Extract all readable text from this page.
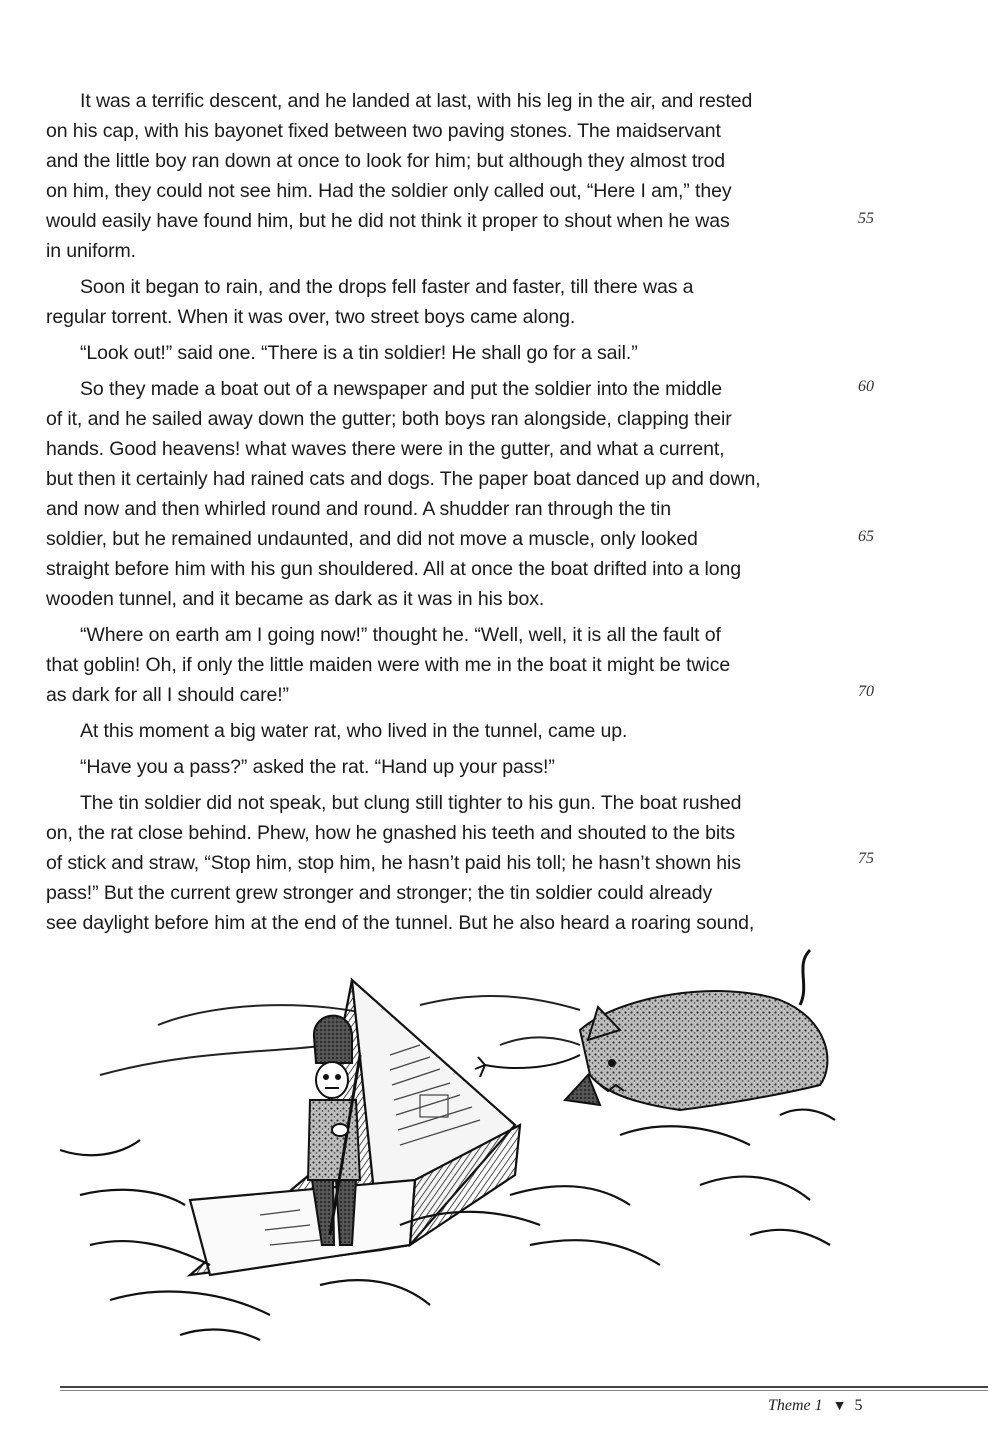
It was a terrific descent, and he landed at last, with his leg in the air, and rested
on his cap, with his bayonet fixed between two paving stones. The maidservant
and the little boy ran down at once to look for him; but although they almost trod
on him, they could not see him. Had the soldier only called out, “Here I am,” they
would easily have found him, but he did not think it proper to shout when he was
in uniform.

Soon it began to rain, and the drops fell faster and faster, till there was a
regular torrent. When it was over, two street boys came along.

“Look out!” said one. “There is a tin soldier! He shall go for a sail.”

So they made a boat out of a newspaper and put the soldier into the middle
of it, and he sailed away down the gutter; both boys ran alongside, clapping their
hands. Good heavens! what waves there were in the gutter, and what a current,
but then it certainly had rained cats and dogs. The paper boat danced up and down,
and now and then whirled round and round. A shudder ran through the tin
soldier, but he remained undaunted, and did not move a muscle, only looked
straight before him with his gun shouldered. All at once the boat drifted into a long
wooden tunnel, and it became as dark as it was in his box.

“Where on earth am I going now!” thought he. “Well, well, it is all the fault of
that goblin! Oh, if only the little maiden were with me in the boat it might be twice
as dark for all I should care!”

At this moment a big water rat, who lived in the tunnel, came up.

“Have you a pass?” asked the rat. “Hand up your pass!”

The tin soldier did not speak, but clung still tighter to his gun. The boat rushed
on, the rat close behind. Phew, how he gnashed his teeth and shouted to the bits
of stick and straw, “Stop him, stop him, he hasn’t paid his toll; he hasn’t shown his
pass!” But the current grew stronger and stronger; the tin soldier could already
see daylight before him at the end of the tunnel. But he also heard a roaring sound,

55
60
65
70
75
Theme 1 ▼ 5
